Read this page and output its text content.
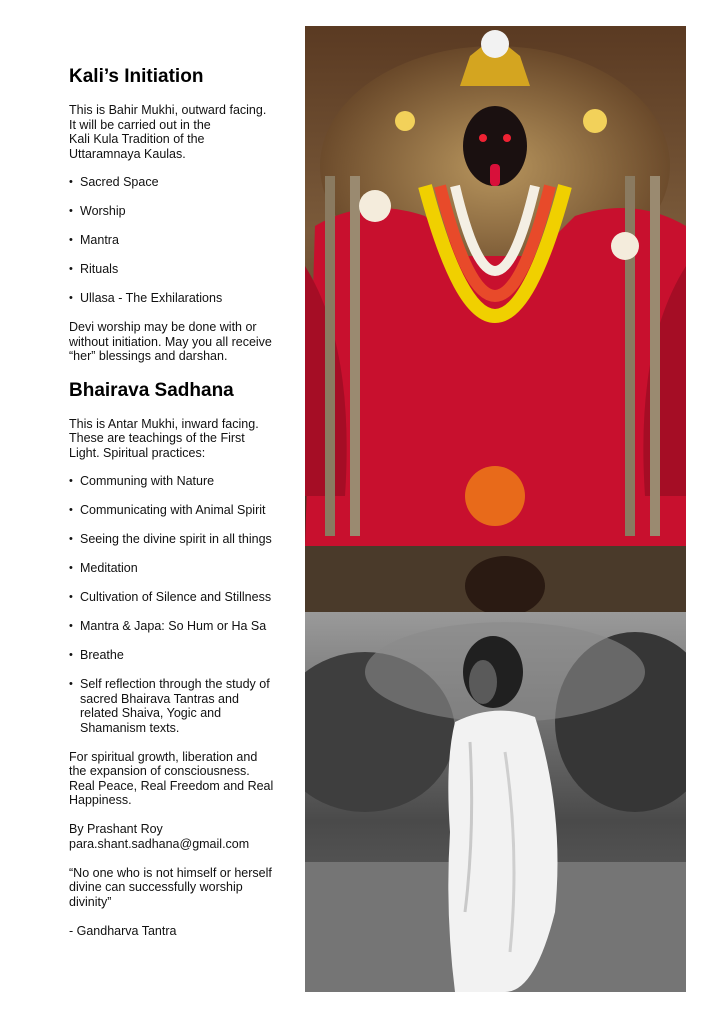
Kali’s Initiation

This is Bahir Mukhi, outward facing.
It will be carried out in the
Kali Kula Tradition of the
Uttaramnaya Kaulas.

• Sacred Space
• Worship
• Mantra
• Rituals
• Ullasa - The Exhilarations

Devi worship may be done with or
without initiation. May you all receive
“her” blessings and darshan.

Bhairava Sadhana

This is Antar Mukhi, inward facing.
These are teachings of the First
Light. Spiritual practices:

• Communing with Nature
• Communicating with Animal Spirit
• Seeing the divine spirit in all things
• Meditation
• Cultivation of Silence and Stillness
• Mantra & Japa: So Hum or Ha Sa
• Breathe
• Self reflection through the study of
sacred Bhairava Tantras and
related Shaiva, Yogic and
Shamanism texts.

For spiritual growth, liberation and
the expansion of consciousness.
Real Peace, Real Freedom and Real
Happiness.

By Prashant Roy

para.shant.sadhana@gmail.com

“No one who is not himself or herself
divine can successfully worship
divinity”

- Gandharva Tantra
